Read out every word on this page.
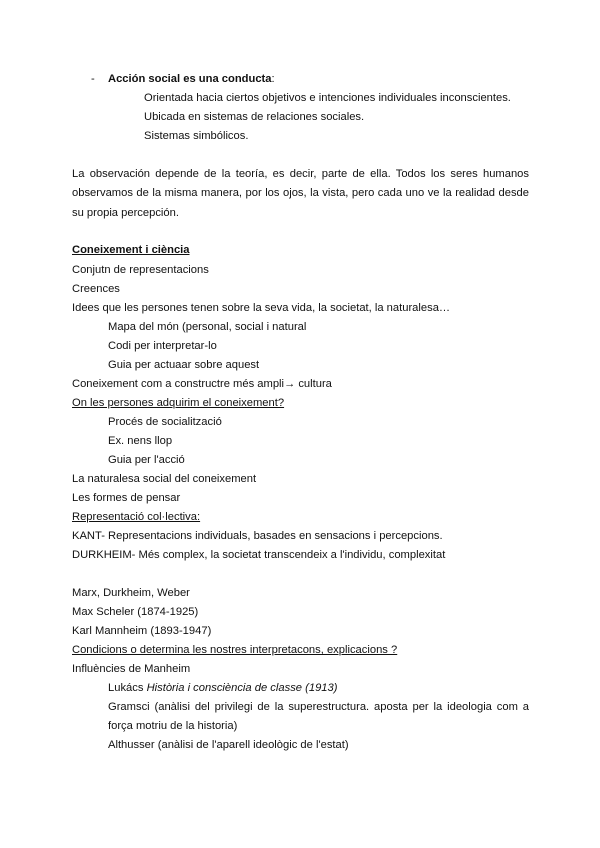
- Acción social es una conducta:
Orientada hacia ciertos objetivos e intenciones individuales inconscientes.
Ubicada en sistemas de relaciones sociales.
Sistemas simbólicos.
La observación depende de la teoría, es decir, parte de ella. Todos los seres humanos observamos de la misma manera, por los ojos, la vista, pero cada uno ve la realidad desde su propia percepción.
Coneixement i ciència
Conjutn de representacions
Creences
Idees que les persones tenen sobre la seva vida, la societat, la naturalesa…
Mapa del món (personal, social i natural
Codi per interpretar-lo
Guia per actuaar sobre aquest
Coneixement com a constructre més ampli→ cultura
On les persones adquirim el coneixement?
Procés de socialització
Ex. nens llop
Guia per l'acció
La naturalesa social del coneixement
Les formes de pensar
Representació col·lectiva:
KANT- Representacions individuals, basades en sensacions i percepcions.
DURKHEIM- Més complex, la societat transcendeix a l'individu, complexitat
Marx, Durkheim, Weber
Max Scheler (1874-1925)
Karl Mannheim (1893-1947)
Condicions o determina les nostres interpretacons, explicacions ?
Influències de Manheim
Lukács Història i consciència de classe (1913)
Gramsci (anàlisi del privilegi de la superestructura. aposta per la ideologia com a
força motriu de la historia)
Althusser (anàlisi de l'aparell ideològic de l'estat)
